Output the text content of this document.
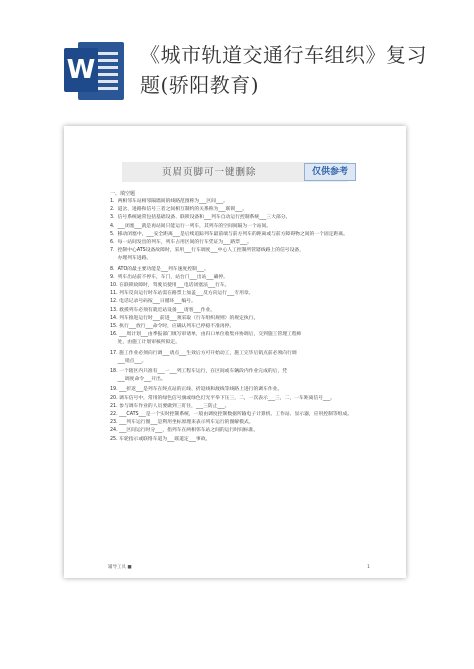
W 《城市轨道交通行车组织》复习题(骄阳教育)
页眉页脚可一键删除	仅供参考
一、填空题
1.  两相邻车站相邻隔墙间的线路范围称为___区间___。
2.  道岔、进路和信号三者之间相互制约的关系称为___联锁___。
3.  信号系统通常包括基础设备、联锁设备和___列车自动运行控制系统___三大部分。
4.  ___闭塞___就是再站间只能运行一列车，其列车的空间间隔为一个站间。
5.  移动闭塞中，___安全距离___是后续追踪列车最前端与前方列车的距离或与前方障碍物之间的一个固定距离。
6.  每一站间发出的列车，列车占用区间的行车凭证为___路票___。
7.  控制中心ATS设备故障时，采用___行车调度___中心人工控制所管辖线路上的信号设备，
办理列车进路。
8.  ATO的最主要功能是___列车速度控制___。
9.  列车出站前不停车，车门，站台门___出站___确停。
10. 在联锁故障时，驾驶员使用___电话闭塞法___行车。
11. 列车反向运行时车站需在路票上加盖___反方向运行___专用章。
12. 电话记录号码按___日循环___编号。
13. 救援列车必须有就近站设备___请客___作业。
14. 列车推进运行时___前进___须采取（行车组织规则）的规定执行。
15. 执行___放行___命令时，应确认列车已停稳不准再停。
16. ___周计划___由季报部门填写审请单，由归口单位收集并协调后，交到施工管理工程师
处，由施工计划审核所拟定。
17. 施工作业必须向行调___请点___生效后方可开始动工，施工完毕后销点前必须向行调
___销点___。
18. 一个辖区内只准有___一___列工程车运行，在区间或车辆段内作业完成的后，凭
___调度命令___开出。
19. ___折返___是列车在终点站的正线、折返线和渡线等线路上进行的调车作业。
20. 调车信号中，常用的绿色信号旗或绿色灯光平举下压三，二，一次表示___三，二，一车距离信号___。
21. 参与调车作业的人员要做到三盯住，___三防止___。
22. ___CATS___是一个实时控制系统，一般由调度控制数据所输电子计算机、工作站、显示器，应用控制等组成。
23. ___列车运行图___是利用坐标原理来表示列车运行的图解模式。
24. ___区间运行时分___，指列车在两相邻车站之间的运行时间标准。
25. 车轮指示或联络车道为___联道定___事故。
辅导工具 ■	1
